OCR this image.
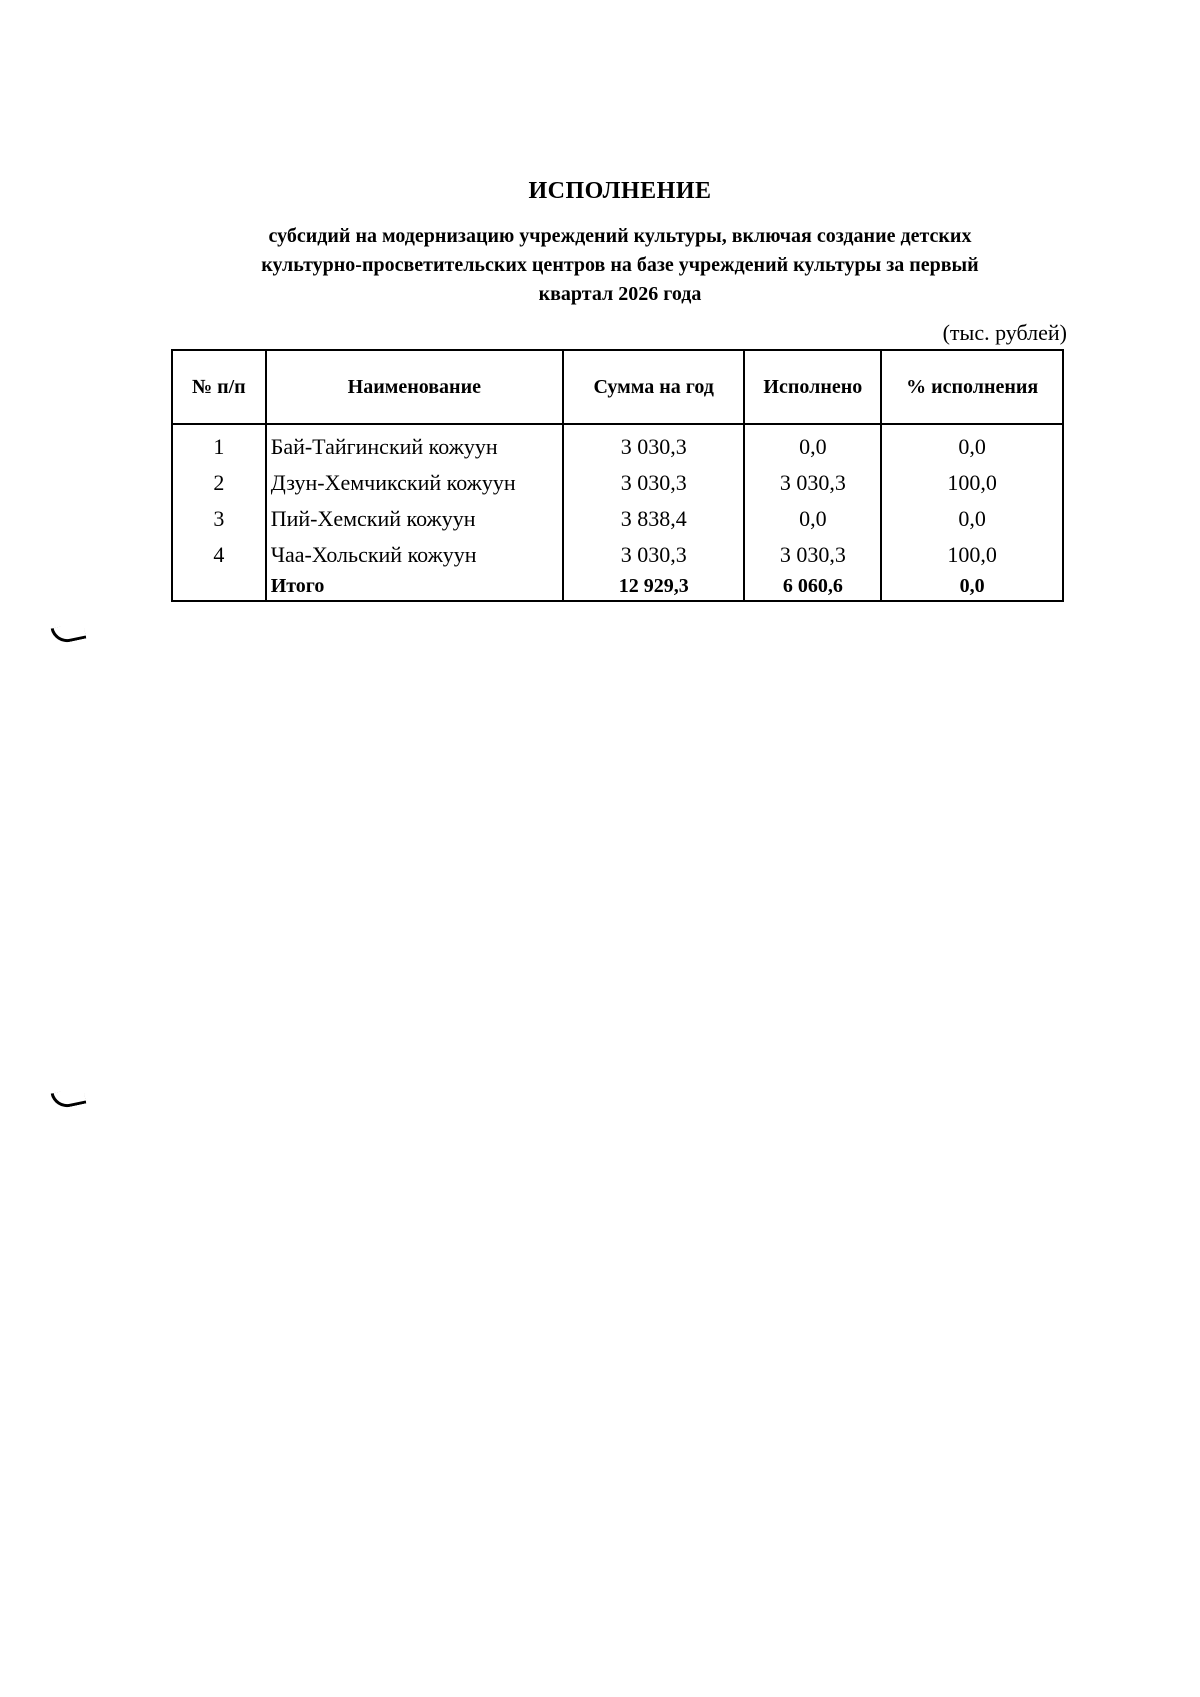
ИСПОЛНЕНИЕ
субсидий на модернизацию учреждений культуры, включая создание детских
культурно-просветительских центров на базе учреждений культуры за первый
квартал 2026 года
(тыс. рублей)
№ п/п	Наименование	Сумма на год	Исполнено	% исполнения
1	Бай-Тайгинский кожуун	3 030,3	0,0	0,0
2	Дзун-Хемчикский кожуун	3 030,3	3 030,3	100,0
3	Пий-Хемский кожуун	3 838,4	0,0	0,0
4	Чаа-Хольский кожуун	3 030,3	3 030,3	100,0
	Итого	12 929,3	6 060,6	0,0
